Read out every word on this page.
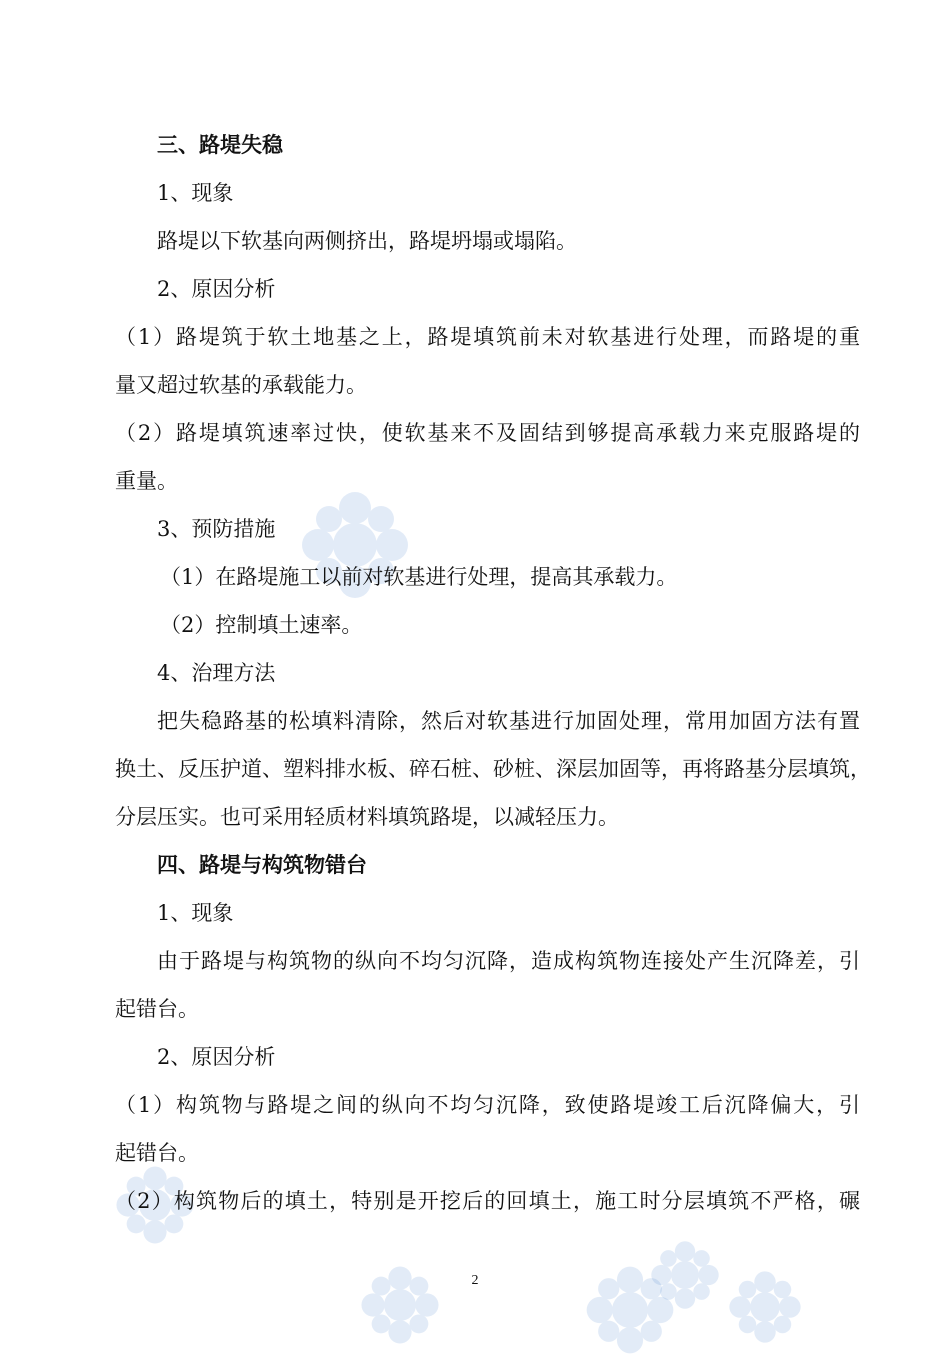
三、路堤失稳
1、现象
路堤以下软基向两侧挤出，路堤坍塌或塌陷。
2、原因分析
（1）路堤筑于软土地基之上，路堤填筑前未对软基进行处理，而路堤的重
量又超过软基的承载能力。
（2）路堤填筑速率过快，使软基来不及固结到够提高承载力来克服路堤的
重量。
3、预防措施
（1）在路堤施工以前对软基进行处理，提高其承载力。
（2）控制填土速率。
4、治理方法
把失稳路基的松填料清除，然后对软基进行加固处理，常用加固方法有置
换土、反压护道、塑料排水板、碎石桩、砂桩、深层加固等，再将路基分层填筑，
分层压实。也可采用轻质材料填筑路堤，以减轻压力。
四、路堤与构筑物错台
1、现象
由于路堤与构筑物的纵向不均匀沉降，造成构筑物连接处产生沉降差，引
起错台。
2、原因分析
（1）构筑物与路堤之间的纵向不均匀沉降，致使路堤竣工后沉降偏大，引
起错台。
（2）构筑物后的填土，特别是开挖后的回填土，施工时分层填筑不严格，碾
2
